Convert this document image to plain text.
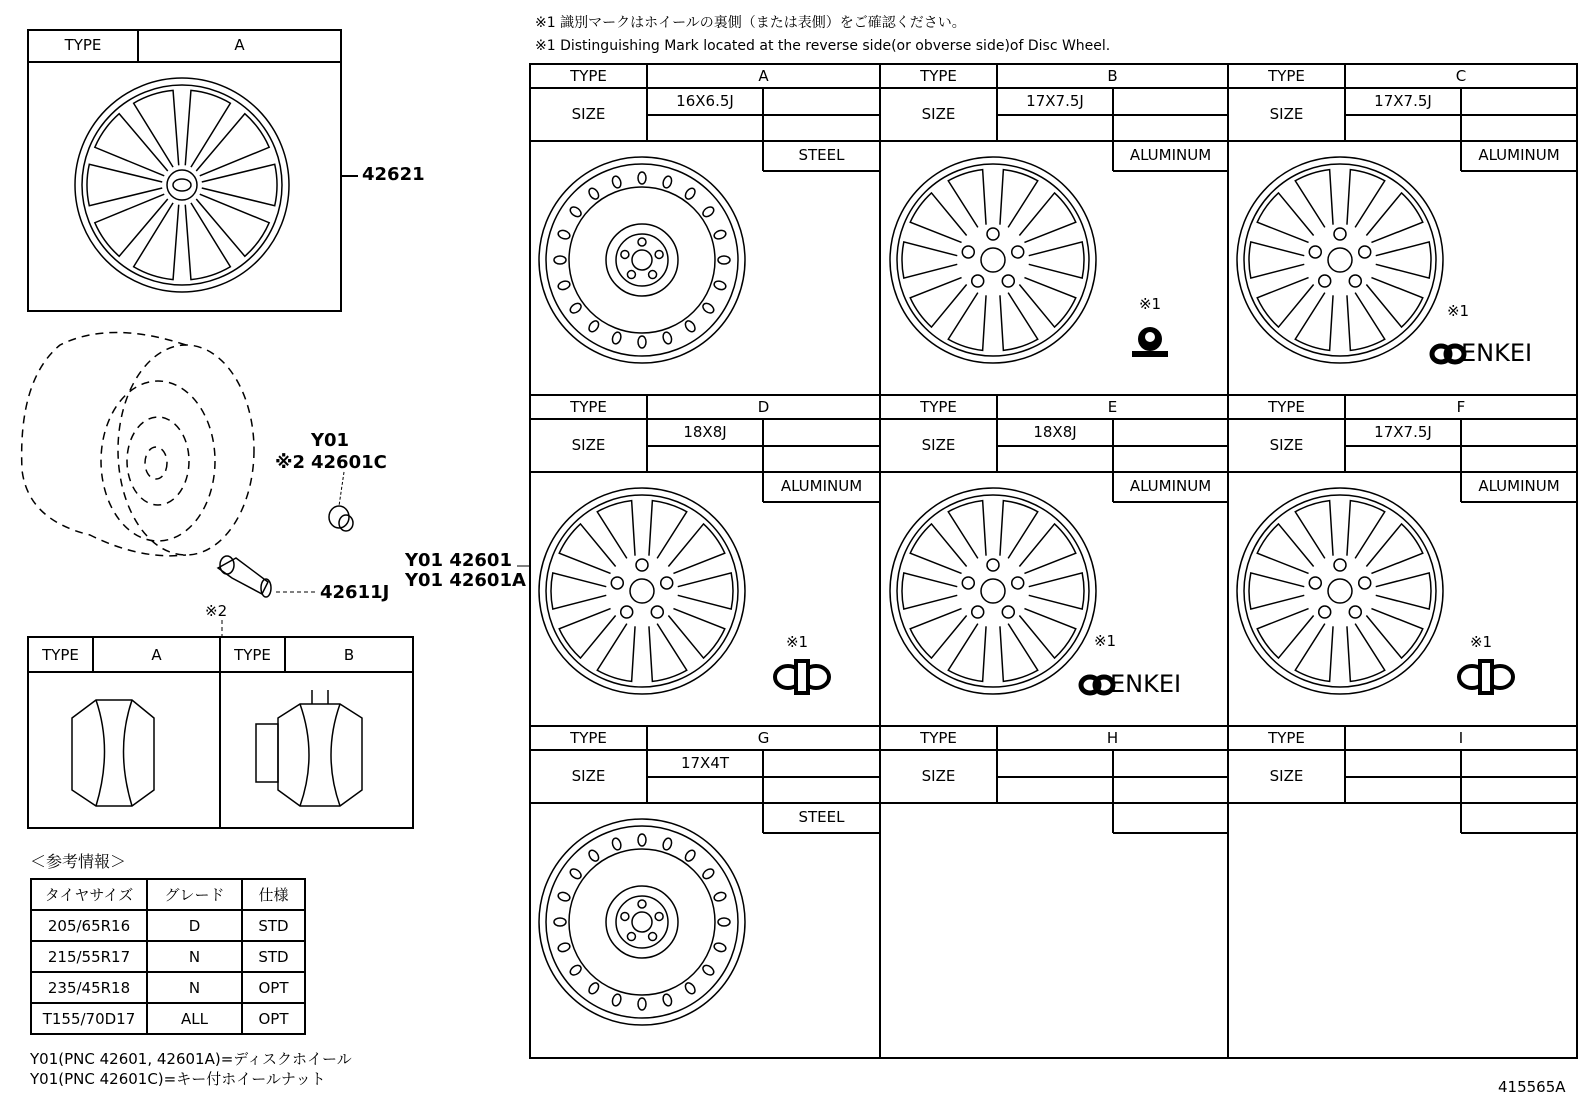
※1 識別マークはホイールの裏側（または表側）をご確認ください。
※1 Distinguishing Mark located at the reverse side(or obverse side)of Disc Wheel.
TYPE	A
42621
Y01
※2 42601C
42611J
Y01 42601
Y01 42601A
※2
TYPE	A	TYPE	B
TYPE	A
SIZE
16X6.5J
STEEL
TYPE	B
SIZE
17X7.5J
ALUMINUM
※1
TYPE	C
SIZE
17X7.5J
ALUMINUM
※1
ENKEI
TYPE	D
SIZE
18X8J
ALUMINUM
※1
TYPE	E
SIZE
18X8J
ALUMINUM
※1
ENKEI
TYPE	F
SIZE
17X7.5J
ALUMINUM
※1
TYPE	G
SIZE
17X4T
STEEL
TYPE	H
SIZE
TYPE	I
SIZE
＜参考情報＞
タイヤサイズ	グレード	仕様
205/65R16	D	STD
215/55R17	N	STD
235/45R18	N	OPT
T155/70D17	ALL	OPT
Y01(PNC 42601, 42601A)=ディスクホイール
Y01(PNC 42601C)=キー付ホイールナット	415565A
